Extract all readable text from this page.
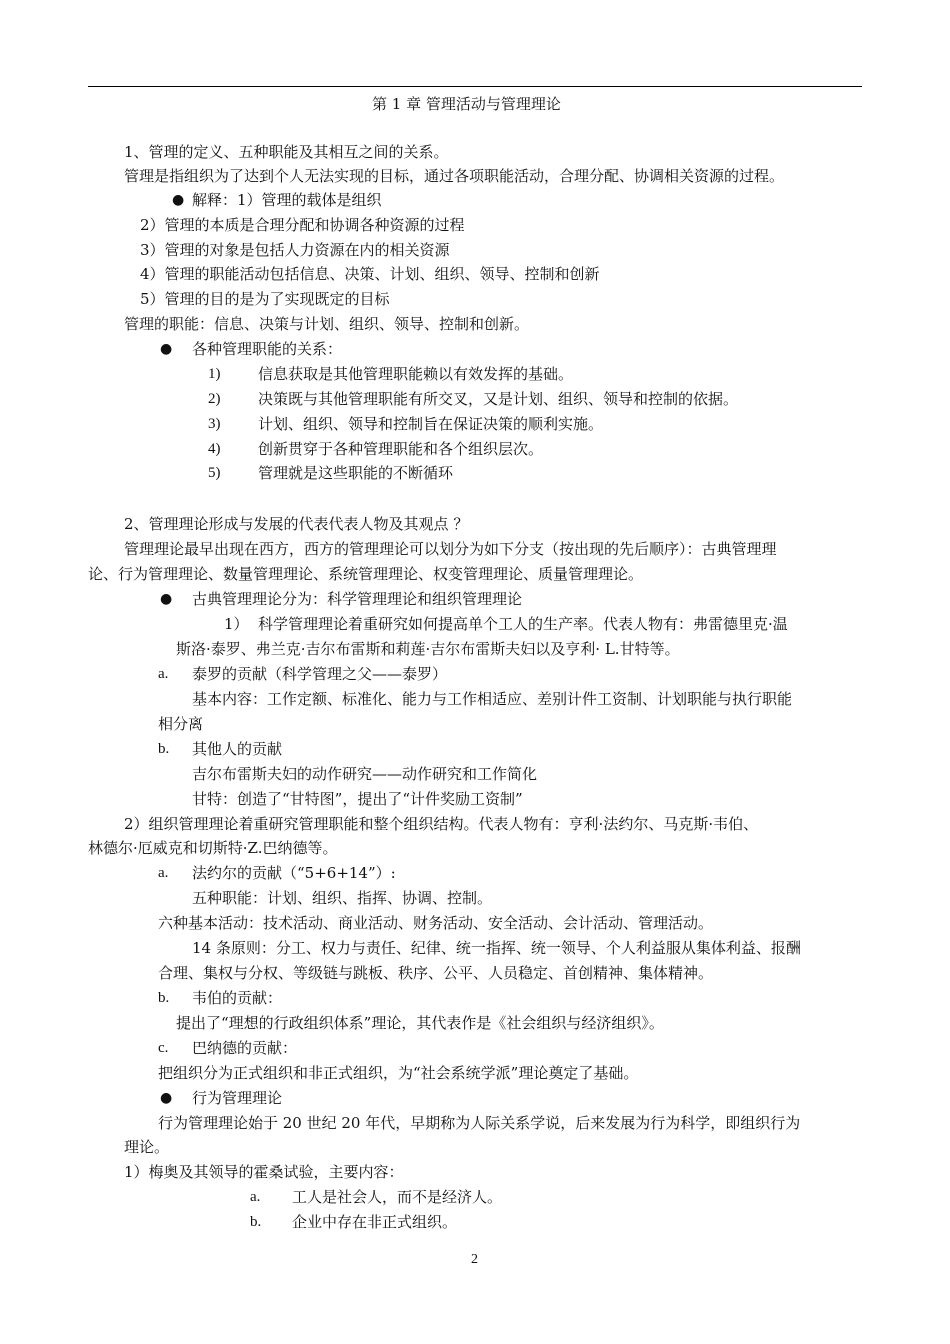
第 1 章 管理活动与管理理论
1、管理的定义、五种职能及其相互之间的关系。
管理是指组织为了达到个人无法实现的目标，通过各项职能活动，合理分配、协调相关资源的过程。
● 解释：1）管理的载体是组织
2）管理的本质是合理分配和协调各种资源的过程
3）管理的对象是包括人力资源在内的相关资源
4）管理的职能活动包括信息、决策、计划、组织、领导、控制和创新
5）管理的目的是为了实现既定的目标
管理的职能：信息、决策与计划、组织、领导、控制和创新。
● 各种管理职能的关系：
1)	信息获取是其他管理职能赖以有效发挥的基础。
2)	决策既与其他管理职能有所交叉，又是计划、组织、领导和控制的依据。
3)	计划、组织、领导和控制旨在保证决策的顺利实施。
4)	创新贯穿于各种管理职能和各个组织层次。
5)	管理就是这些职能的不断循环
2、管理理论形成与发展的代表代表人物及其观点 ？
管理理论最早出现在西方，西方的管理理论可以划分为如下分支（按出现的先后顺序）：古典管理理
论、行为管理理论、数量管理理论、系统管理理论、权变管理理论、质量管理理论。
● 古典管理理论分为：科学管理理论和组织管理理论
1） 科学管理理论着重研究如何提高单个工人的生产率。代表人物有：弗雷德里克·温
斯洛·泰罗、弗兰克·吉尔布雷斯和莉莲·吉尔布雷斯夫妇以及亨利· L.甘特等。
a. 泰罗的贡献（科学管理之父——泰罗）
基本内容：工作定额、标准化、能力与工作相适应、差别计件工资制、计划职能与执行职能
相分离
b. 其他人的贡献
吉尔布雷斯夫妇的动作研究——动作研究和工作简化
甘特：创造了“甘特图”，提出了“计件奖励工资制”
2）组织管理理论着重研究管理职能和整个组织结构。代表人物有：亨利·法约尔、马克斯·韦伯、
林德尔·厄威克和切斯特·Z.巴纳德等。
a. 法约尔的贡献（“5+6+14”）:
五种职能：计划、组织、指挥、协调、控制。
六种基本活动：技术活动、商业活动、财务活动、安全活动、会计活动、管理活动。
14 条原则：分工、权力与责任、纪律、统一指挥、统一领导、个人利益服从集体利益、报酬
合理、集权与分权、等级链与跳板、秩序、公平、人员稳定、首创精神、集体精神。
b. 韦伯的贡献：
提出了“理想的行政组织体系”理论，其代表作是《社会组织与经济组织》。
c. 巴纳德的贡献：
把组织分为正式组织和非正式组织，为“社会系统学派”理论奠定了基础。
● 行为管理理论
行为管理理论始于 20 世纪 20 年代，早期称为人际关系学说，后来发展为行为科学，即组织行为
理论。
1）梅奥及其领导的霍桑试验，主要内容：
a. 工人是社会人，而不是经济人。
b. 企业中存在非正式组织。
2
